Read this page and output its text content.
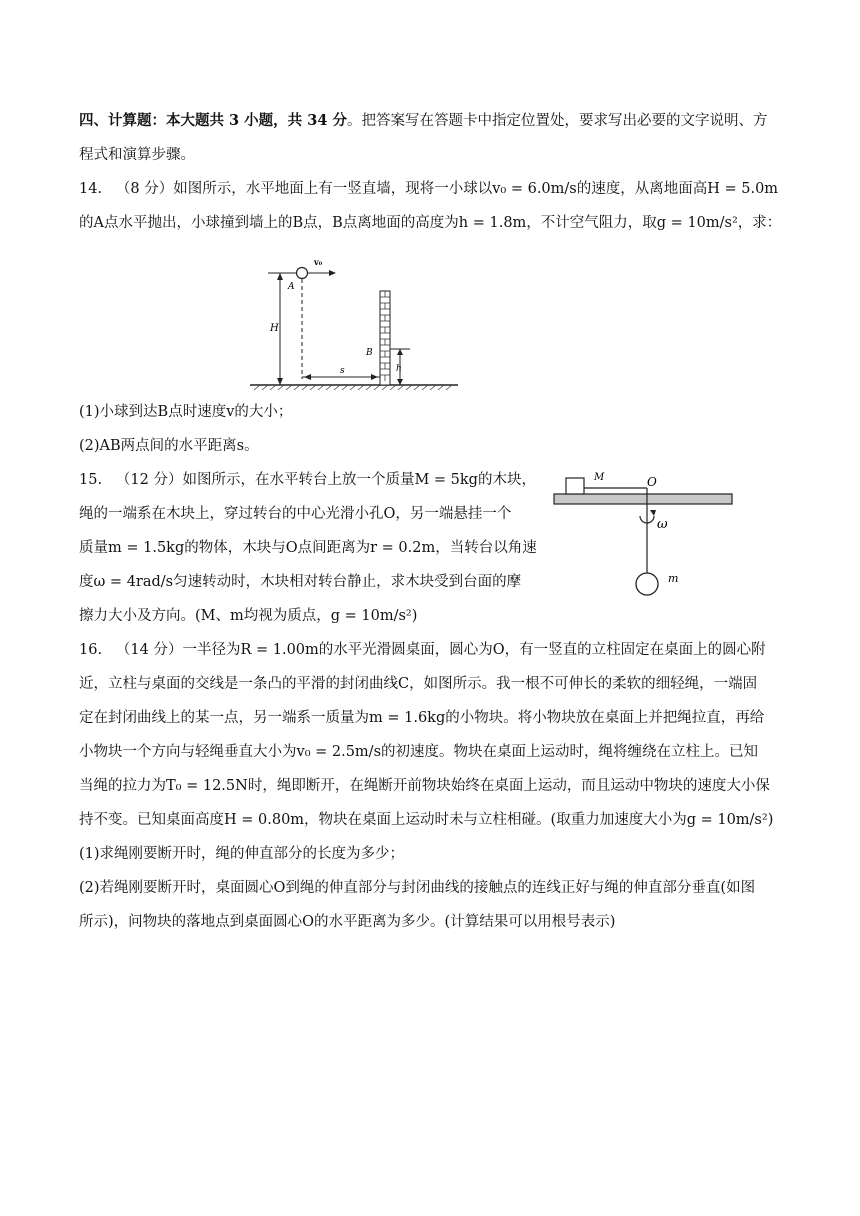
四、计算题：本大题共 3 小题，共 34 分。把答案写在答题卡中指定位置处，要求写出必要的文字说明、方
程式和演算步骤。
14. （8 分）如图所示，水平地面上有一竖直墙，现将一小球以v₀ = 6.0m/s的速度，从离地面高H = 5.0m
的A点水平抛出，小球撞到墙上的B点，B点离地面的高度为h = 1.8m，不计空气阻力，取g = 10m/s²，求：
H
v₀
A
s
B
h
(1)小球到达B点时速度v的大小；
(2)AB两点间的水平距离s。
15. （12 分）如图所示，在水平转台上放一个质量M = 5kg的木块，
绳的一端系在木块上，穿过转台的中心光滑小孔O，另一端悬挂一个
质量m = 1.5kg的物体，木块与O点间距离为r = 0.2m，当转台以角速
度ω = 4rad/s匀速转动时，木块相对转台静止，求木块受到台面的摩
擦力大小及方向。(M、m均视为质点，g = 10m/s²)
M	O
ω
m
16. （14 分）一半径为R = 1.00m的水平光滑圆桌面，圆心为O，有一竖直的立柱固定在桌面上的圆心附
近，立柱与桌面的交线是一条凸的平滑的封闭曲线C，如图所示。我一根不可伸长的柔软的细轻绳，一端固
定在封闭曲线上的某一点，另一端系一质量为m = 1.6kg的小物块。将小物块放在桌面上并把绳拉直，再给
小物块一个方向与轻绳垂直大小为v₀ = 2.5m/s的初速度。物块在桌面上运动时，绳将缠绕在立柱上。已知
当绳的拉力为T₀ = 12.5N时，绳即断开，在绳断开前物块始终在桌面上运动，而且运动中物块的速度大小保
持不变。已知桌面高度H = 0.80m，物块在桌面上运动时未与立柱相碰。(取重力加速度大小为g = 10m/s²)
(1)求绳刚要断开时，绳的伸直部分的长度为多少；
(2)若绳刚要断开时，桌面圆心O到绳的伸直部分与封闭曲线的接触点的连线正好与绳的伸直部分垂直(如图
所示)，问物块的落地点到桌面圆心O的水平距离为多少。(计算结果可以用根号表示)
